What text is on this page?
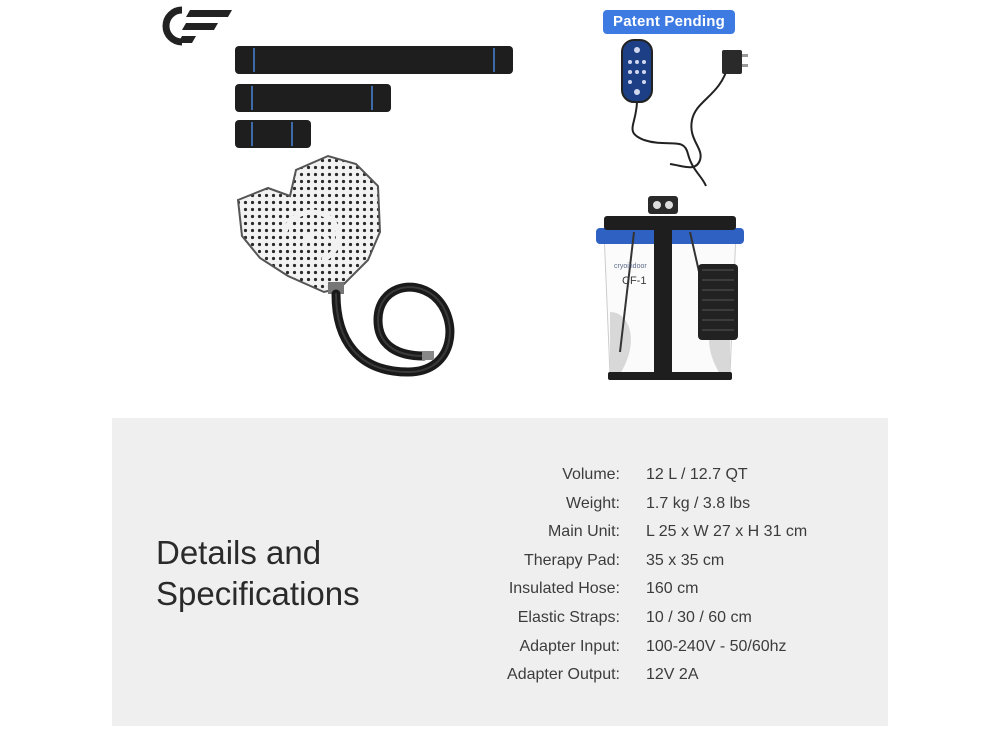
Patent Pending
cryoindoor
CF-1
Details and
Specifications
Volume: 12 L / 12.7 QT
Weight: 1.7 kg / 3.8 lbs
Main Unit: L 25 x W 27 x H 31 cm
Therapy Pad: 35 x 35 cm
Insulated Hose: 160 cm
Elastic Straps: 10 / 30 / 60 cm
Adapter Input: 100-240V - 50/60hz
Adapter Output: 12V 2A
